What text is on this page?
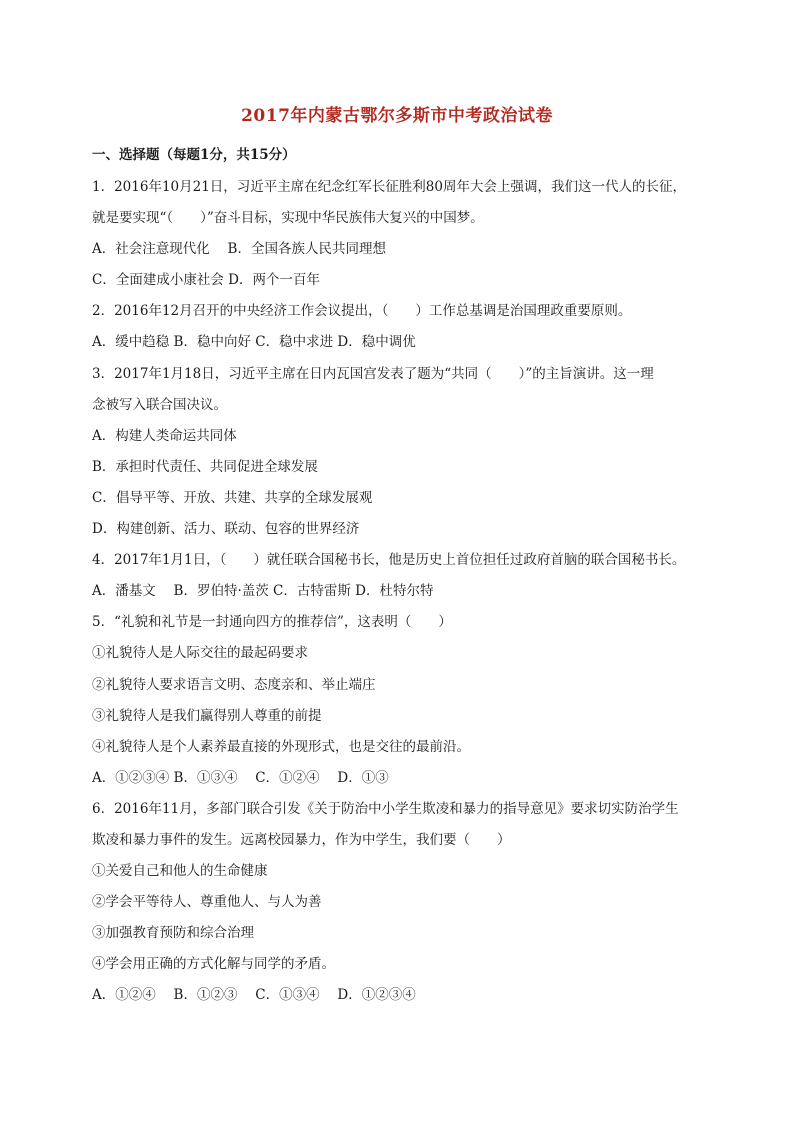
2017年内蒙古鄂尔多斯市中考政治试卷
一、选择题（每题1分，共15分）
1．2016年10月21日，习近平主席在纪念红军长征胜利80周年大会上强调，我们这一代人的长征，
就是要实现“（　　）”奋斗目标，实现中华民族伟大复兴的中国梦。
A．社会注意现代化　 B．全国各族人民共同理想
C．全面建成小康社会 D．两个一百年
2．2016年12月召开的中央经济工作会议提出，（　　）工作总基调是治国理政重要原则。
A．缓中趋稳 B．稳中向好 C．稳中求进 D．稳中调优
3．2017年1月18日，习近平主席在日内瓦国宫发表了题为“共同（　　）”的主旨演讲。这一理
念被写入联合国决议。
A．构建人类命运共同体
B．承担时代责任、共同促进全球发展
C．倡导平等、开放、共建、共享的全球发展观
D．构建创新、活力、联动、包容的世界经济
4．2017年1月1日，（　　）就任联合国秘书长，他是历史上首位担任过政府首脑的联合国秘书长。
A．潘基文　 B．罗伯特·盖茨 C．古特雷斯 D．杜特尔特
5．“礼貌和礼节是一封通向四方的推荐信”，这表明（　　）
①礼貌待人是人际交往的最起码要求
②礼貌待人要求语言文明、态度亲和、举止端庄
③礼貌待人是我们赢得别人尊重的前提
④礼貌待人是个人素养最直接的外现形式，也是交往的最前沿。
A．①②③④ B．①③④　 C．①②④　 D．①③
6．2016年11月，多部门联合引发《关于防治中小学生欺凌和暴力的指导意见》要求切实防治学生
欺凌和暴力事件的发生。远离校园暴力，作为中学生，我们要（　　）
①关爱自己和他人的生命健康
②学会平等待人、尊重他人、与人为善
③加强教育预防和综合治理
④学会用正确的方式化解与同学的矛盾。
A．①②④　 B．①②③　 C．①③④　 D．①②③④
